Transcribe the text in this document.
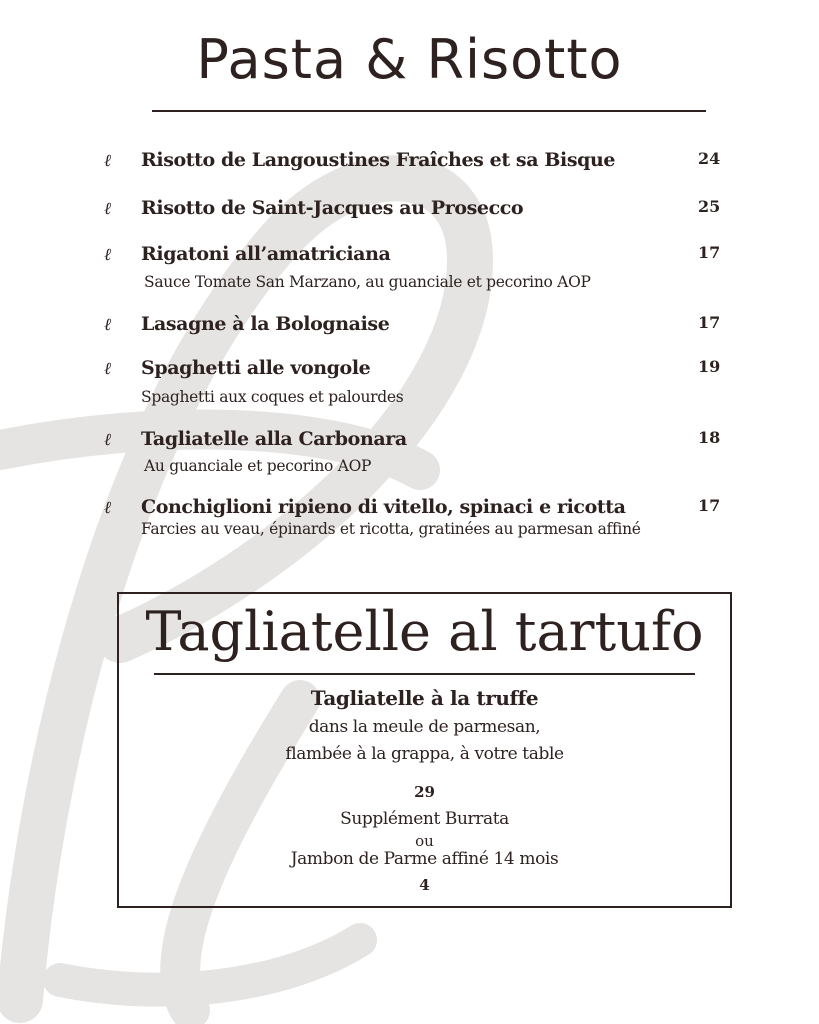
Pasta & Risotto
ℓ Risotto de Langoustines Fraîches et sa Bisque	24
ℓ Risotto de Saint-Jacques au Prosecco	25
ℓ Rigatoni all’amatriciana	17
Sauce Tomate San Marzano, au guanciale et pecorino AOP
ℓ Lasagne à la Bolognaise	17
ℓ Spaghetti alle vongole	19
Spaghetti aux coques et palourdes
ℓ Tagliatelle alla Carbonara	18
Au guanciale et pecorino AOP
ℓ Conchiglioni ripieno di vitello, spinaci e ricotta	17
Farcies au veau, épinards et ricotta, gratinées au parmesan affiné
Tagliatelle al tartufo
Tagliatelle à la truffe
dans la meule de parmesan,
flambée à la grappa, à votre table
29
Supplément Burrata
ou
Jambon de Parme affiné 14 mois
4
